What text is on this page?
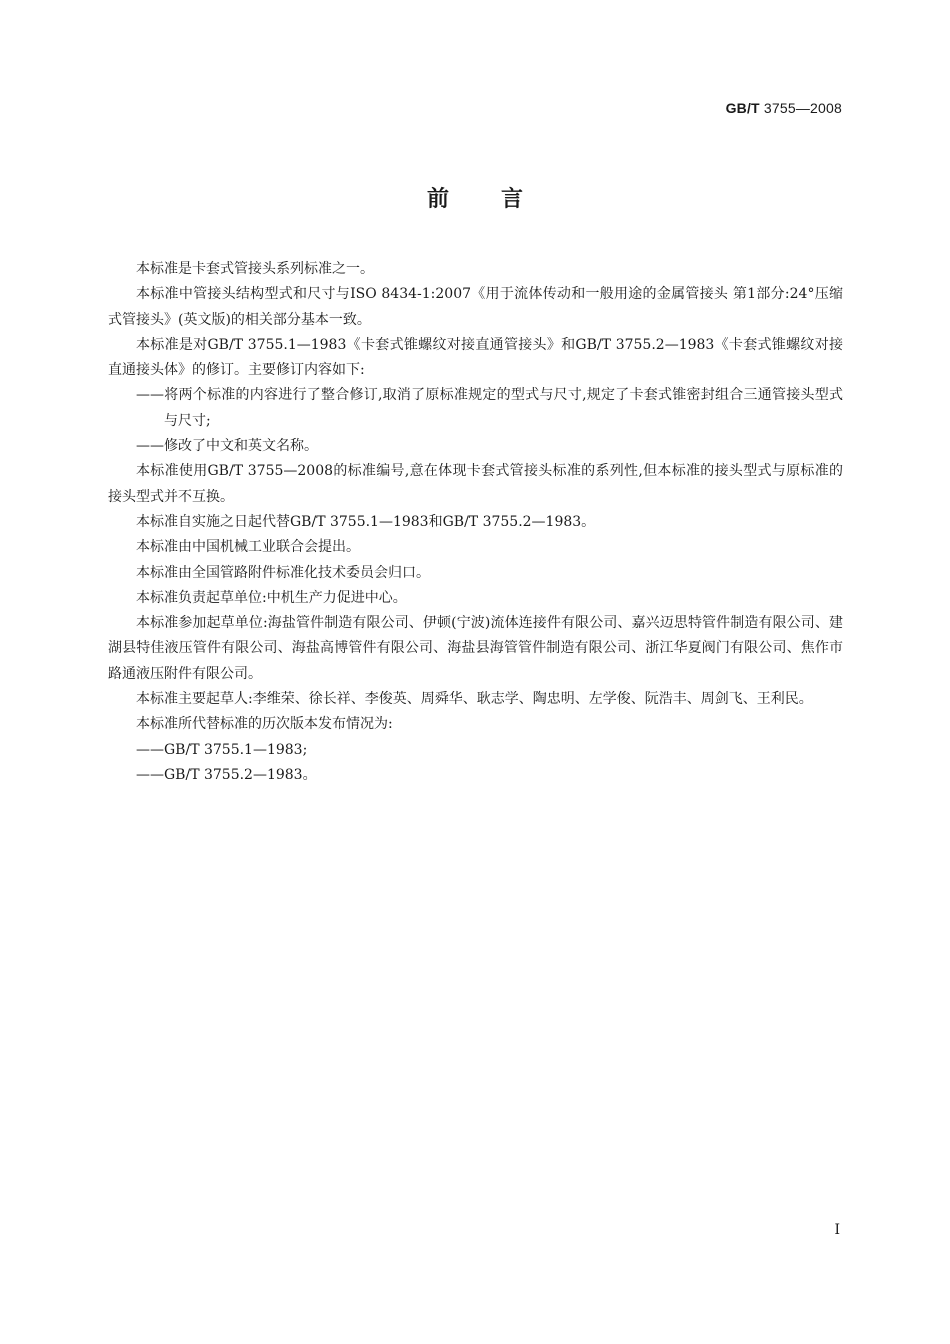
GB/T 3755—2008
前言

本标准是卡套式管接头系列标准之一。

本标准中管接头结构型式和尺寸与ISO 8434-1:2007《用于流体传动和一般用途的金属管接头 第1部分:24°压缩式管接头》(英文版)的相关部分基本一致。

本标准是对GB/T 3755.1—1983《卡套式锥螺纹对接直通管接头》和GB/T 3755.2—1983《卡套式锥螺纹对接直通接头体》的修订。主要修订内容如下:

——将两个标准的内容进行了整合修订,取消了原标准规定的型式与尺寸,规定了卡套式锥密封组合三通管接头型式与尺寸;

——修改了中文和英文名称。

本标准使用GB/T 3755—2008的标准编号,意在体现卡套式管接头标准的系列性,但本标准的接头型式与原标准的接头型式并不互换。

本标准自实施之日起代替GB/T 3755.1—1983和GB/T 3755.2—1983。

本标准由中国机械工业联合会提出。

本标准由全国管路附件标准化技术委员会归口。

本标准负责起草单位:中机生产力促进中心。

本标准参加起草单位:海盐管件制造有限公司、伊顿(宁波)流体连接件有限公司、嘉兴迈思特管件制造有限公司、建湖县特佳液压管件有限公司、海盐高博管件有限公司、海盐县海管管件制造有限公司、浙江华夏阀门有限公司、焦作市路通液压附件有限公司。

本标准主要起草人:李维荣、徐长祥、李俊英、周舜华、耿志学、陶忠明、左学俊、阮浩丰、周剑飞、王利民。

本标准所代替标准的历次版本发布情况为:

——GB/T 3755.1—1983;

——GB/T 3755.2—1983。

I
